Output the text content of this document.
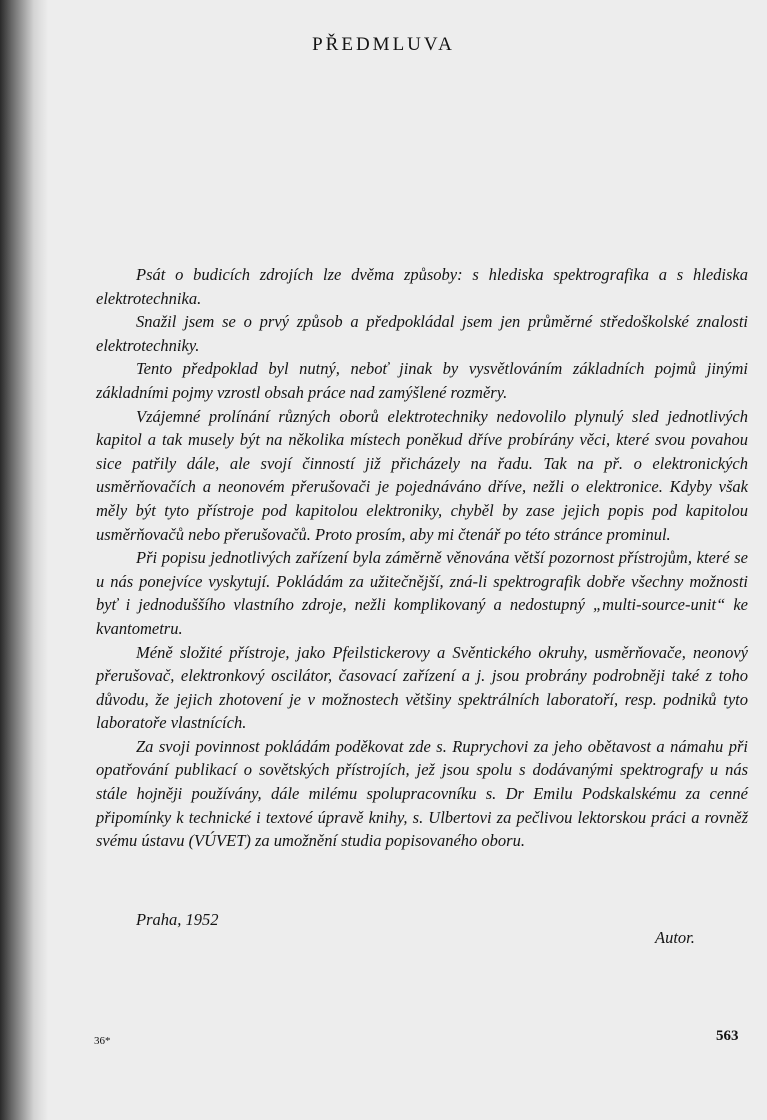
PŘEDMLUVA

Psát o budicích zdrojích lze dvěma způsoby: s hlediska spektrografika a s hlediska elektrotechnika.

Snažil jsem se o prvý způsob a předpokládal jsem jen průměrné středoškolské znalosti elektrotechniky.

Tento předpoklad byl nutný, neboť jinak by vysvětlováním základních pojmů jinými základními pojmy vzrostl obsah práce nad zamýšlené rozměry.

Vzájemné prolínání různých oborů elektrotechniky nedovolilo plynulý sled jednotlivých kapitol a tak musely být na několika místech poněkud dříve probírány věci, které svou povahou sice patřily dále, ale svojí činností již přicházely na řadu. Tak na př. o elektronických usměrňovačích a neonovém přerušovači je pojednáváno dříve, nežli o elektronice. Kdyby však měly být tyto přístroje pod kapitolou elektroniky, chyběl by zase jejich popis pod kapitolou usměrňovačů nebo přerušovačů. Proto prosím, aby mi čtenář po této stránce prominul.

Při popisu jednotlivých zařízení byla záměrně věnována větší pozornost přístrojům, které se u nás ponejvíce vyskytují. Pokládám za užitečnější, zná-li spektrografik dobře všechny možnosti byť i jednoduššího vlastního zdroje, nežli komplikovaný a nedostupný „multi-source-unit“ ke kvantometru.

Méně složité přístroje, jako Pfeilstickerovy a Svěntického okruhy, usměrňovače, neonový přerušovač, elektronkový oscilátor, časovací zařízení a j. jsou probrány podrobněji také z toho důvodu, že jejich zhotovení je v možnostech většiny spektrálních laboratoří, resp. podniků tyto laboratoře vlastnících.

Za svoji povinnost pokládám poděkovat zde s. Ruprychovi za jeho obětavost a námahu při opatřování publikací o sovětských přístrojích, jež jsou spolu s dodávanými spektrografy u nás stále hojněji používány, dále milému spolupracovníku s. Dr Emilu Podskalskému za cenné připomínky k technické i textové úpravě knihy, s. Ulbertovi za pečlivou lektorskou práci a rovněž svému ústavu (VÚVET) za umožnění studia popisovaného oboru.

Praha, 1952
Autor.
36*	563
